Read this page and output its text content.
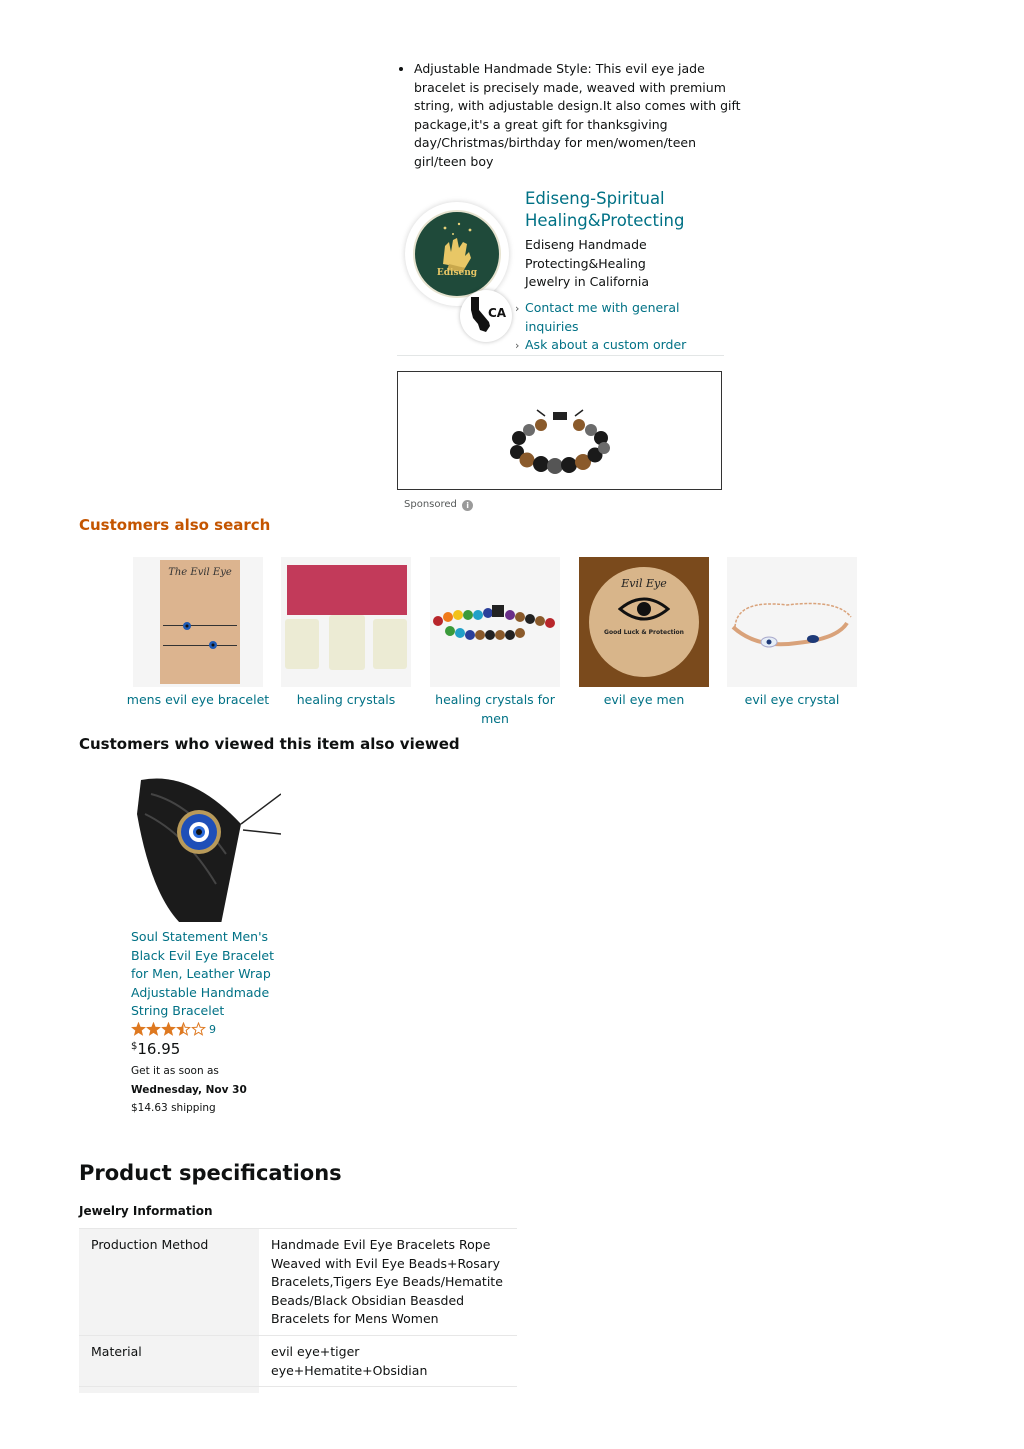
• Adjustable Handmade Style: This evil eye jade bracelet is precisely made, weaved with premium string, with adjustable design.It also comes with gift package,it's a great gift for thanksgiving day/Christmas/birthday for men/women/teen girl/teen boy
Ediseng
CA
Ediseng-Spiritual Healing&Protecting
Ediseng Handmade Protecting&Healing Jewelry in California
› Contact me with general inquiries
› Ask about a custom order
Sponsored i
Customers also search
The Evil Eye
mens evil eye bracelet	healing crystals	healing crystals for men
Evil Eye
Good Luck & Protection
evil eye men	evil eye crystal
Customers who viewed this item also viewed
Soul Statement Men's Black Evil Eye Bracelet for Men, Leather Wrap Adjustable Handmade String Bracelet
$^9$
$16.95
Get it as soon as Wednesday, Nov 30
$14.63 shipping
Product specifications
Jewelry Information
Production Method	Handmade Evil Eye Bracelets Rope Weaved with Evil Eye Beads+Rosary Bracelets,Tigers Eye Beads/Hematite Beads/Black Obsidian Beasded Bracelets for Mens Women
Material	evil eye+tiger eye+Hematite+Obsidian
